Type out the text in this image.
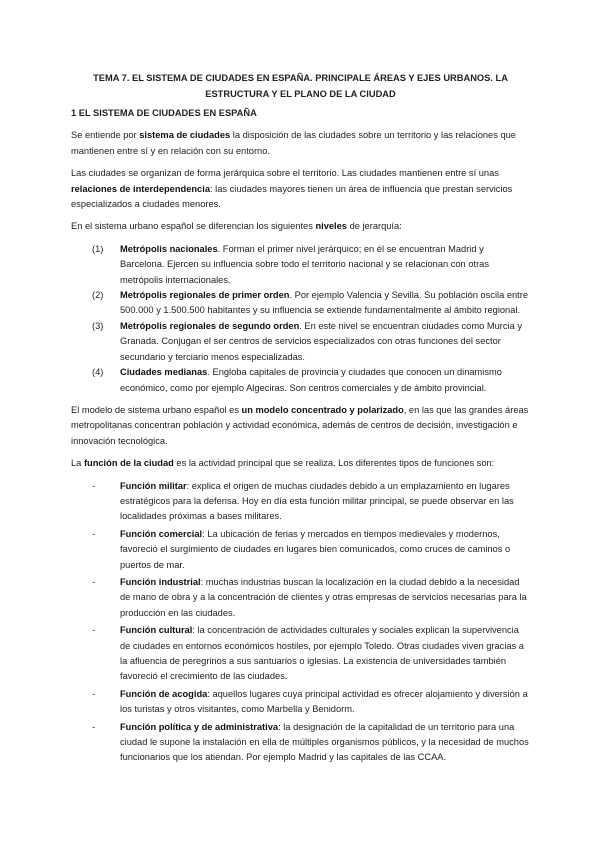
TEMA 7. EL SISTEMA DE CIUDADES EN ESPAÑA. PRINCIPALE ÁREAS Y EJES URBANOS. LA ESTRUCTURA Y EL PLANO DE LA CIUDAD
1 EL SISTEMA DE CIUDADES EN ESPAÑA

Se entiende por sistema de ciudades la disposición de las ciudades sobre un territorio y las relaciones que mantienen entre sí y en relación con su entorno.

Las ciudades se organizan de forma jerárquica sobre el territorio. Las ciudades mantienen entre sí unas relaciones de interdependencia: las ciudades mayores tienen un área de influencia que prestan servicios especializados a ciudades menores.

En el sistema urbano español se diferencian los siguientes niveles de jerarquía:

(1) Metrópolis nacionales. Forman el primer nivel jerárquico; en él se encuentran Madrid y Barcelona. Ejercen su influencia sobre todo el territorio nacional y se relacionan con otras metrópolis internacionales.
(2) Metrópolis regionales de primer orden. Por ejemplo Valencia y Sevilla. Su población oscila entre 500.000 y 1.500.500 habitantes y su influencia se extiende fundamentalmente al ámbito regional.
(3) Metrópolis regionales de segundo orden. En este nivel se encuentran ciudades como Murcia y Granada. Conjugan el ser centros de servicios especializados con otras funciones del sector secundario y terciario menos especializadas.
(4) Ciudades medianas. Engloba capitales de provincia y ciudades que conocen un dinamismo económico, como por ejemplo Algeciras. Son centros comerciales y de ámbito provincial.

El modelo de sistema urbano español es un modelo concentrado y polarizado, en las que las grandes áreas metropolitanas concentran población y actividad económica, además de centros de decisión, investigación e innovación tecnológica.

La función de la ciudad es la actividad principal que se realiza. Los diferentes tipos de funciones son:

-	Función militar: explica el origen de muchas ciudades debido a un emplazamiento en lugares estratégicos para la defensa. Hoy en día esta función militar principal, se puede observar en las localidades próximas a bases militares.
-	Función comercial: La ubicación de ferias y mercados en tiempos medievales y modernos, favoreció el surgimiento de ciudades en lugares bien comunicados, como cruces de caminos o puertos de mar.
-	Función industrial: muchas industrias buscan la localización en la ciudad debido a la necesidad de mano de obra y a la concentración de clientes y otras empresas de servicios necesarias para la producción en las ciudades.
-	Función cultural: la concentración de actividades culturales y sociales explican la supervivencia de ciudades en entornos económicos hostiles, por ejemplo Toledo. Otras ciudades viven gracias a la afluencia de peregrinos a sus santuarios o iglesias. La existencia de universidades también favoreció el crecimiento de las ciudades.
-	Función de acogida: aquellos lugares cuya principal actividad es ofrecer alojamiento y diversión a los turistas y otros visitantes, como Marbella y Benidorm.
-	Función política y de administrativa: la designación de la capitalidad de un territorio para una ciudad le supone la instalación en ella de múltiples organismos públicos, y la necesidad de muchos funcionarios que los atiendan. Por ejemplo Madrid y las capitales de las CCAA.
